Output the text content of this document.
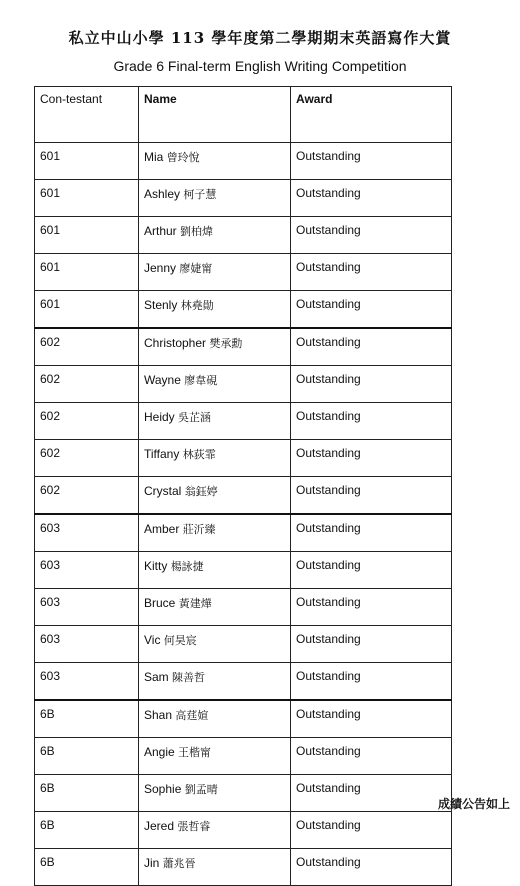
私立中山小學 113 學年度第二學期期末英語寫作大賞
Grade 6 Final-term English Writing Competition
Con-testant	Name	Award
601	Mia 曾玲悅	Outstanding
601	Ashley 柯子慧	Outstanding
601	Arthur 劉柏煒	Outstanding
601	Jenny 廖婕甯	Outstanding
601	Stenly 林堯勛	Outstanding
602	Christopher 樊承勳	Outstanding
602	Wayne 廖韋硯	Outstanding
602	Heidy 吳芷涵	Outstanding
602	Tiffany 林荻霏	Outstanding
602	Crystal 翁鈺婷	Outstanding
603	Amber 莊沂臻	Outstanding
603	Kitty 楊詠捷	Outstanding
603	Bruce 黃建燁	Outstanding
603	Vic 何昊宸	Outstanding
603	Sam 陳善哲	Outstanding
6B	Shan 高莛媗	Outstanding
6B	Angie 王楷甯	Outstanding
6B	Sophie 劉孟晴	Outstanding
6B	Jered 張哲睿	Outstanding
6B	Jin 蕭兆晉	Outstanding
成績公告如上
